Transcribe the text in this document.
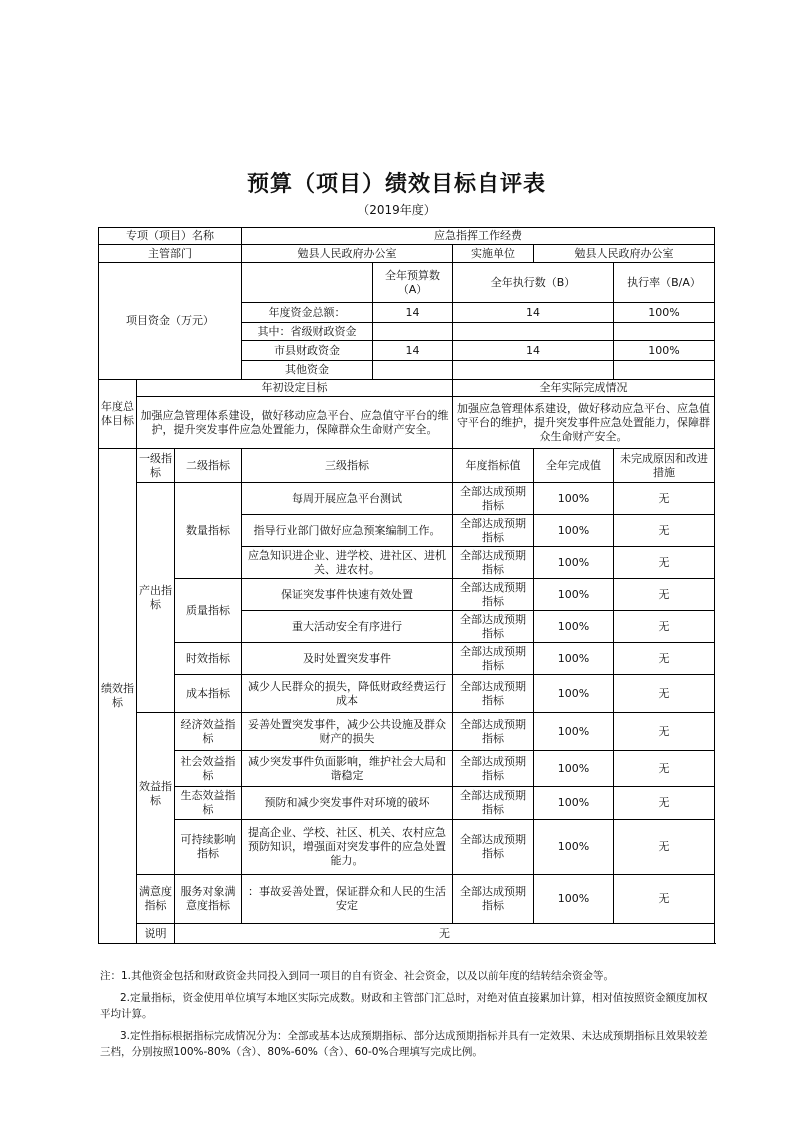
预算（项目）绩效目标自评表
（2019年度）
专项（项目）名称			应急指挥工作经费				
主管部门			勉县人民政府办公室		实施单位	勉县人民政府办公室	
项目资金（万元）				全年预算数（A）	全年执行数（B）		执行率（B/A）
			年度资金总额：	14	14		100%
			其中：省级财政资金				
			市县财政资金	14	14		100%
			其他资金				
年度总体目标	年初设定目标				全年实际完成情况		
	加强应急管理体系建设，做好移动应急平台、应急值守平台的维护，提升突发事件应急处置能力，保障群众生命财产安全。				加强应急管理体系建设，做好移动应急平台、应急值守平台的维护，提升突发事件应急处置能力，保障群众生命财产安全。		
绩效指标	一级指标	二级指标	三级指标		年度指标值	全年完成值	未完成原因和改进措施
	产出指标	数量指标	每周开展应急平台测试		全部达成预期指标	100%	无
			指导行业部门做好应急预案编制工作。		全部达成预期指标	100%	无
			应急知识进企业、进学校、进社区、进机关、进农村。		全部达成预期指标	100%	无
		质量指标	保证突发事件快速有效处置		全部达成预期指标	100%	无
			重大活动安全有序进行		全部达成预期指标	100%	无
		时效指标	及时处置突发事件		全部达成预期指标	100%	无
		成本指标	减少人民群众的损失，降低财政经费运行成本		全部达成预期指标	100%	无
	效益指标	经济效益指标	妥善处置突发事件，减少公共设施及群众财产的损失		全部达成预期指标	100%	无
		社会效益指标	减少突发事件负面影响，维护社会大局和谐稳定		全部达成预期指标	100%	无
		生态效益指标	预防和减少突发事件对环境的破坏		全部达成预期指标	100%	无
		可持续影响指标	提高企业、学校、社区、机关、农村应急预防知识，增强面对突发事件的应急处置能力。		全部达成预期指标	100%	无
	满意度指标	服务对象满意度指标	：事故妥善处置，保证群众和人民的生活安定		全部达成预期指标	100%	无
	说明	无					

注：1.其他资金包括和财政资金共同投入到同一项目的自有资金、社会资金，以及以前年度的结转结余资金等。

2.定量指标，资金使用单位填写本地区实际完成数。财政和主管部门汇总时，对绝对值直接累加计算，相对值按照资金额度加权平均计算。

3.定性指标根据指标完成情况分为：全部或基本达成预期指标、部分达成预期指标并具有一定效果、未达成预期指标且效果较差三档，分别按照100%-80%（含）、80%-60%（含）、60-0%合理填写完成比例。
